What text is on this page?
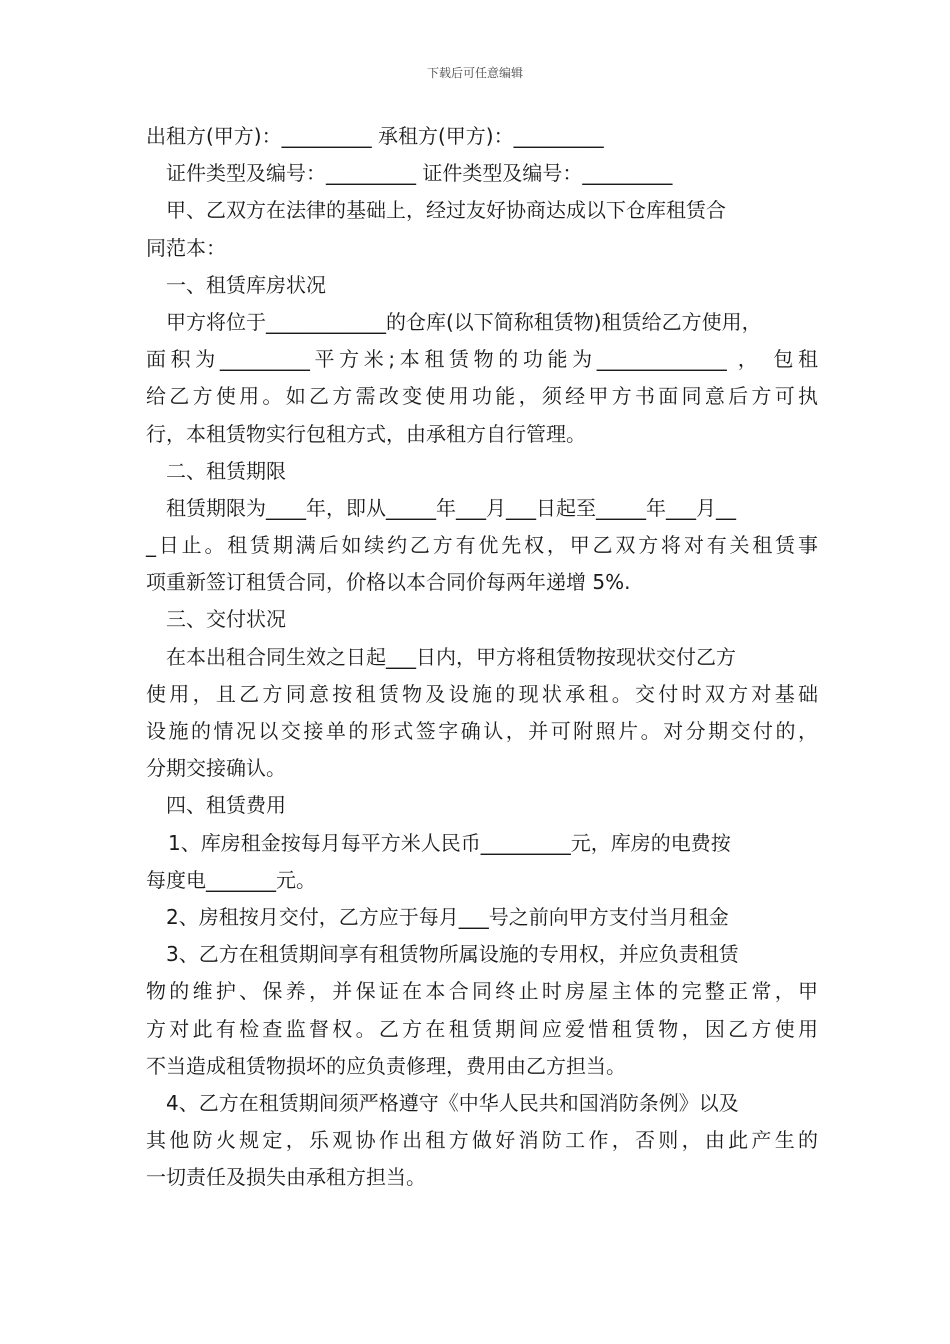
下载后可任意编辑
出租方(甲方)：_________ 承租方(甲方)：_________
证件类型及编号：_________ 证件类型及编号：_________
甲、乙双方在法律的基础上，经过友好协商达成以下仓库租赁合
同范本：
一、租赁库房状况
甲方将位于____________的仓库(以下简称租赁物)租赁给乙方使用，
面积为_________平方米;本租赁物的功能为_____________ ， 包租
给乙方使用。如乙方需改变使用功能，须经甲方书面同意后方可执
行，本租赁物实行包租方式，由承租方自行管理。
二、租赁期限
租赁期限为____年，即从_____年___月___日起至_____年___月__
_日止。租赁期满后如续约乙方有优先权，甲乙双方将对有关租赁事
项重新签订租赁合同，价格以本合同价每两年递增 5%.
三、交付状况
在本出租合同生效之日起___日内，甲方将租赁物按现状交付乙方
使用，且乙方同意按租赁物及设施的现状承租。交付时双方对基础
设施的情况以交接单的形式签字确认，并可附照片。对分期交付的，
分期交接确认。
四、租赁费用
1、库房租金按每月每平方米人民币_________元，库房的电费按
每度电_______元。
2、房租按月交付，乙方应于每月___号之前向甲方支付当月租金
3、乙方在租赁期间享有租赁物所属设施的专用权，并应负责租赁
物的维护、保养，并保证在本合同终止时房屋主体的完整正常，甲
方对此有检查监督权。乙方在租赁期间应爱惜租赁物，因乙方使用
不当造成租赁物损坏的应负责修理，费用由乙方担当。
4、乙方在租赁期间须严格遵守《中华人民共和国消防条例》以及
其他防火规定，乐观协作出租方做好消防工作，否则，由此产生的
一切责任及损失由承租方担当。
